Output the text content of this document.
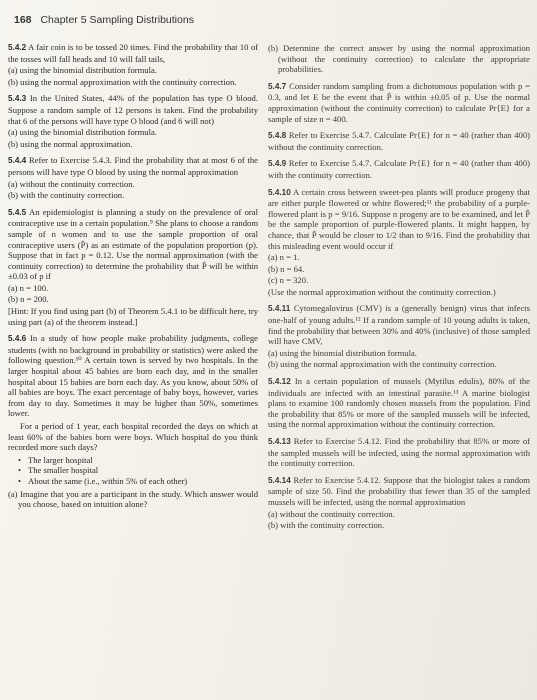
168 Chapter 5 Sampling Distributions
5.4.2 A fair coin is to be tossed 20 times. Find the probability that 10 of the tosses will fall heads and 10 will fall tails,
(a) using the binomial distribution formula.
(b) using the normal approximation with the continuity correction.
5.4.3 In the United States, 44% of the population has type O blood. Suppose a random sample of 12 persons is taken. Find the probability that 6 of the persons will have type O blood (and 6 will not)
(a) using the binomial distribution formula.
(b) using the normal approximation.
5.4.4 Refer to Exercise 5.4.3. Find the probability that at most 6 of the persons will have type O blood by using the normal approximation
(a) without the continuity correction.
(b) with the continuity correction.
5.4.5 An epidemiologist is planning a study on the prevalence of oral contraceptive use in a certain population.⁹ She plans to choose a random sample of n women and to use the sample proportion of oral contraceptive users (P̂) as an estimate of the population proportion (p). Suppose that in fact p = 0.12. Use the normal approximation (with the continuity correction) to determine the probability that P̂ will be within ±0.03 of p if
(a) n = 100.
(b) n = 200.
[Hint: If you find using part (b) of Theorem 5.4.1 to be difficult here, try using part (a) of the theorem instead.]
5.4.6 In a study of how people make probability judgments, college students (with no background in probability or statistics) were asked the following question.¹⁰ A certain town is served by two hospitals. In the larger hospital about 45 babies are born each day, and in the smaller hospital about 15 babies are born each day. As you know, about 50% of all babies are boys. The exact percentage of baby boys, however, varies from day to day. Sometimes it may be higher than 50%, sometimes lower.
For a period of 1 year, each hospital recorded the days on which at least 60% of the babies born were boys. Which hospital do you think recorded more such days?
• The larger hospital
• The smaller hospital
• About the same (i.e., within 5% of each other)
(a) Imagine that you are a participant in the study. Which answer would you choose, based on intuition alone?
(b) Determine the correct answer by using the normal approximation (without the continuity correction) to calculate the appropriate probabilities.
5.4.7 Consider random sampling from a dichotomous population with p = 0.3, and let E be the event that P̂ is within ±0.05 of p. Use the normal approximation (without the continuity correction) to calculate Pr{E} for a sample of size n = 400.
5.4.8 Refer to Exercise 5.4.7. Calculate Pr{E} for n = 40 (rather than 400) without the continuity correction.
5.4.9 Refer to Exercise 5.4.7. Calculate Pr{E} for n = 40 (rather than 400) with the continuity correction.
5.4.10 A certain cross between sweet-pea plants will produce progeny that are either purple flowered or white flowered;¹¹ the probability of a purple-flowered plant is p = 9/16. Suppose n progeny are to be examined, and let P̂ be the sample proportion of purple-flowered plants. It might happen, by chance, that P̂ would be closer to 1/2 than to 9/16. Find the probability that this misleading event would occur if
(a) n = 1.
(b) n = 64.
(c) n = 320.
(Use the normal approximation without the continuity correction.)
5.4.11 Cytomegalovirus (CMV) is a (generally benign) virus that infects one-half of young adults.¹² If a random sample of 10 young adults is taken, find the probability that between 30% and 40% (inclusive) of those sampled will have CMV,
(a) using the binomial distribution formula.
(b) using the normal approximation with the continuity correction.
5.4.12 In a certain population of mussels (Mytilus edulis), 80% of the individuals are infected with an intestinal parasite.¹³ A marine biologist plans to examine 100 randomly chosen mussels from the population. Find the probability that 85% or more of the sampled mussels will be infected, using the normal approximation without the continuity correction.
5.4.13 Refer to Exercise 5.4.12. Find the probability that 85% or more of the sampled mussels will be infected, using the normal approximation with the continuity correction.
5.4.14 Refer to Exercise 5.4.12. Suppose that the biologist takes a random sample of size 50. Find the probability that fewer than 35 of the sampled mussels will be infected, using the normal approximation
(a) without the continuity correction.
(b) with the continuity correction.
